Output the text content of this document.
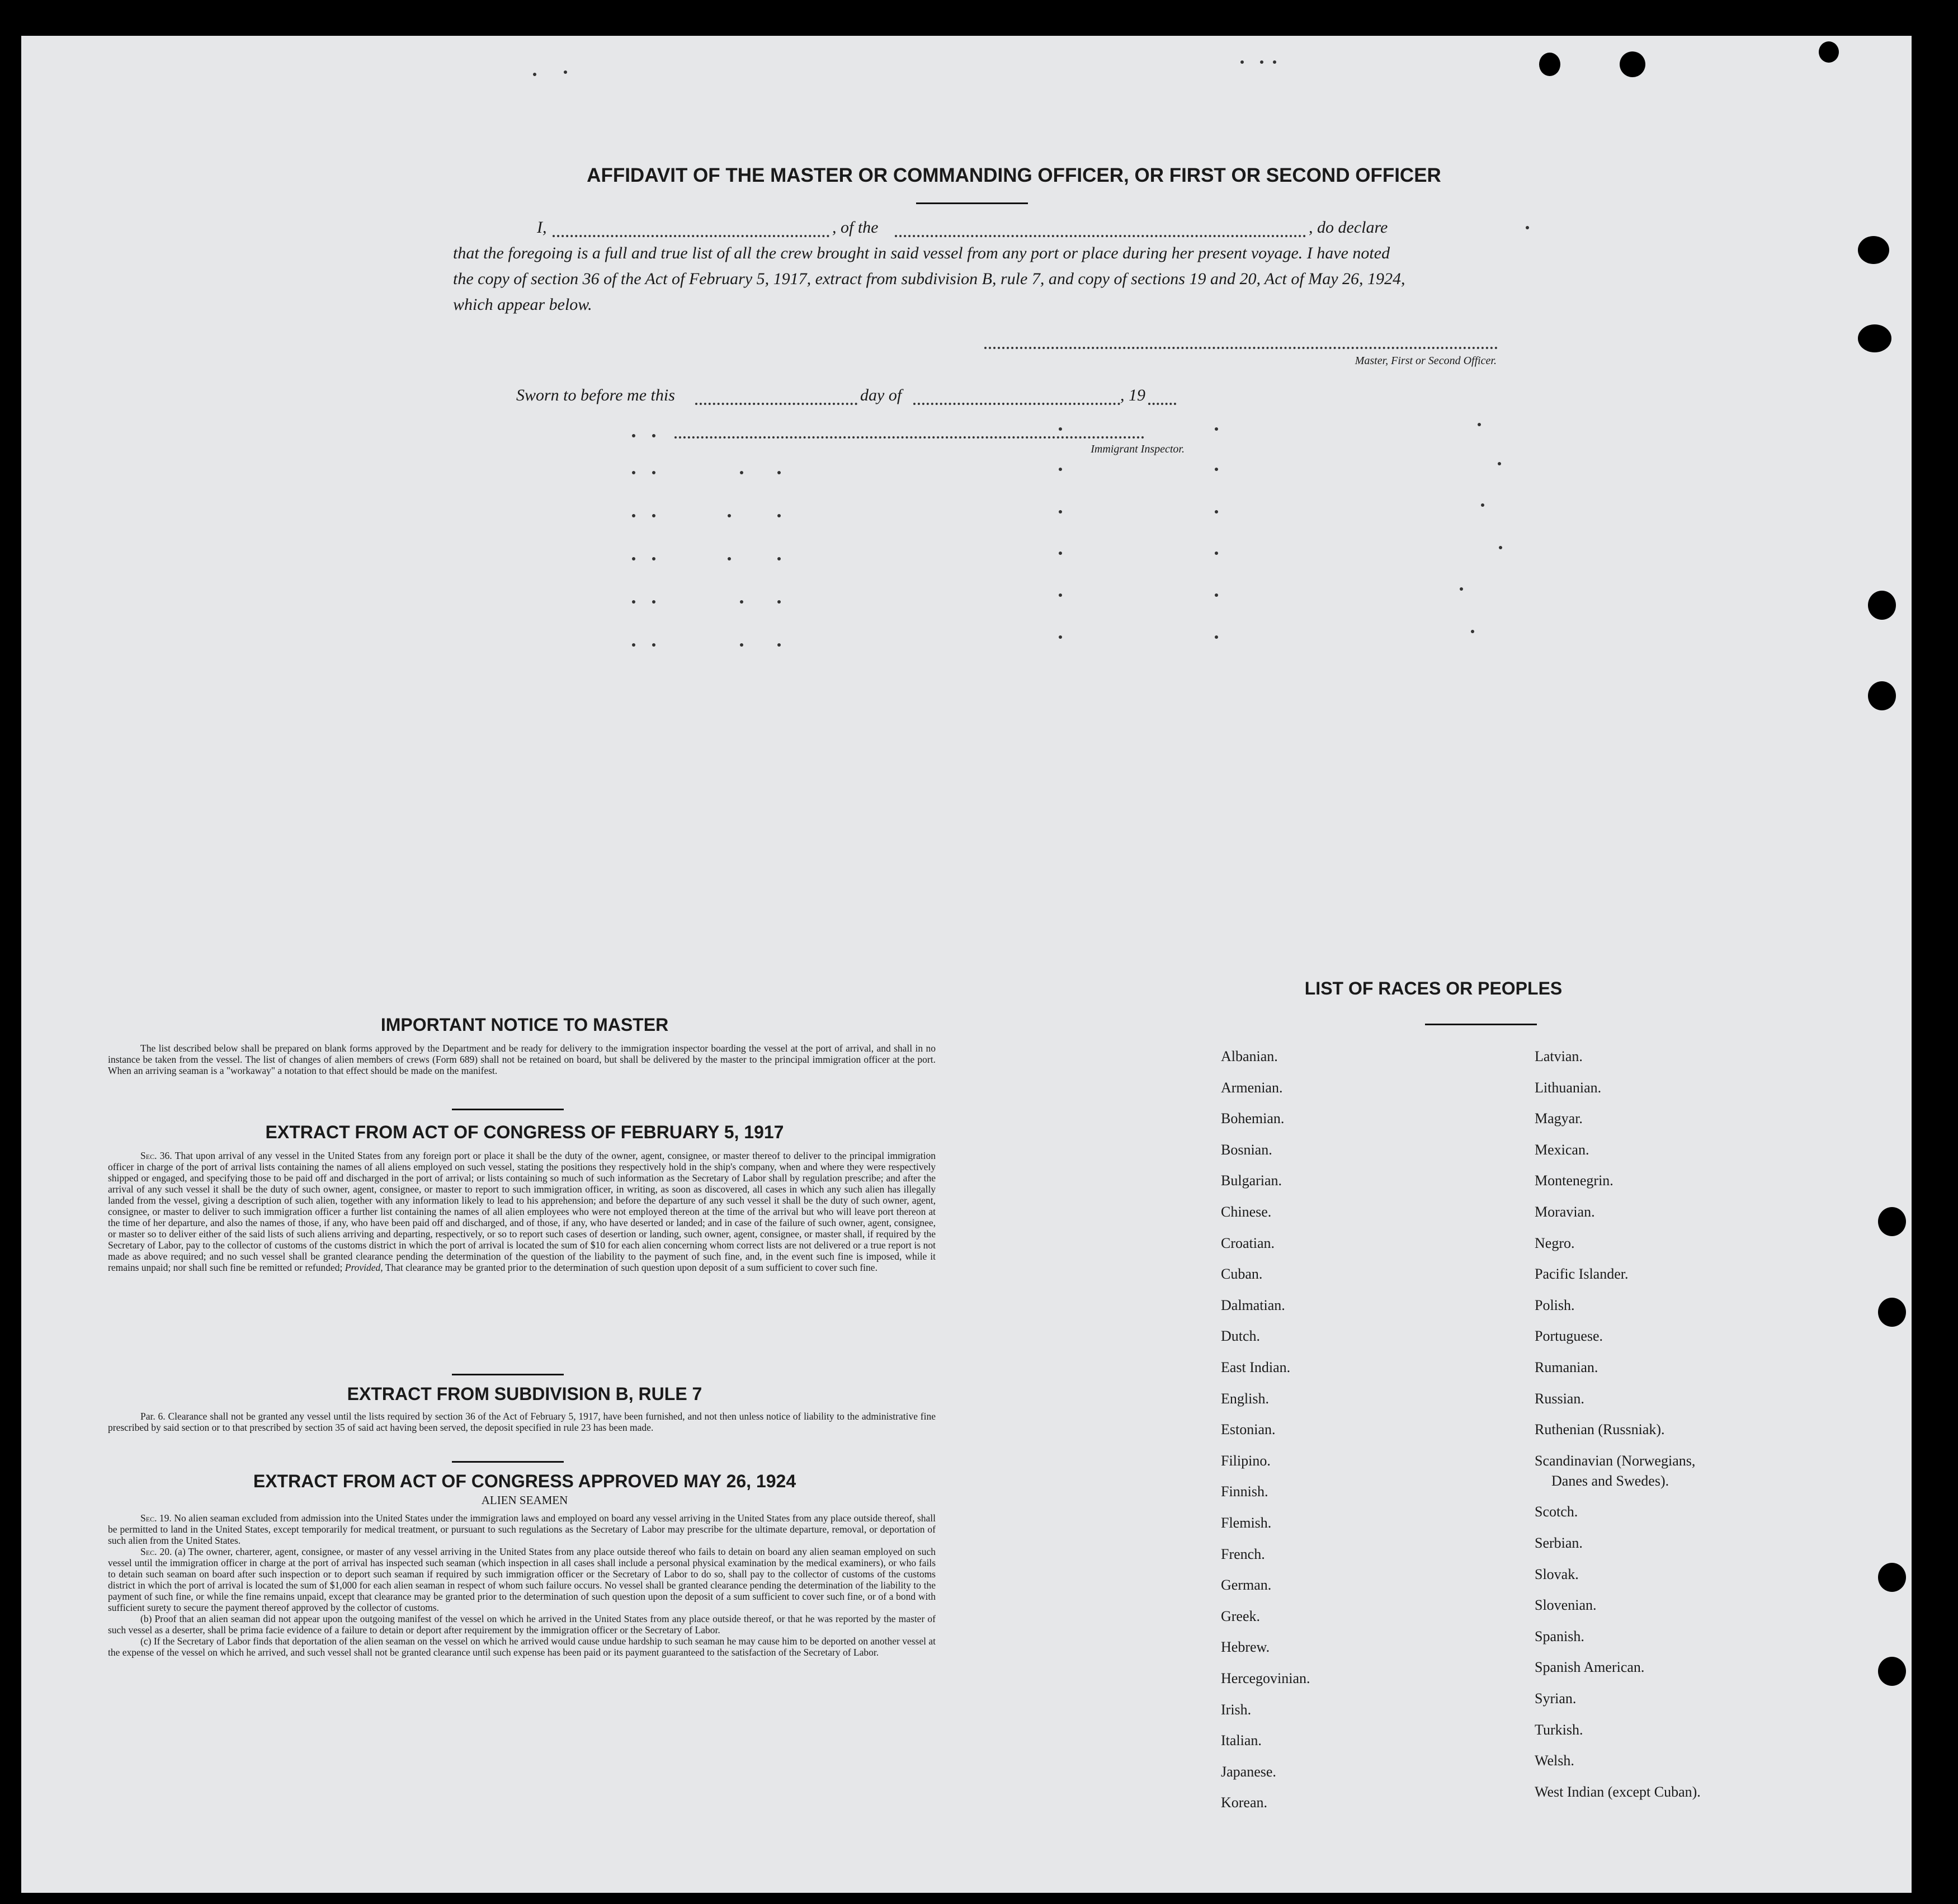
AFFIDAVIT OF THE MASTER OR COMMANDING OFFICER, OR FIRST OR SECOND OFFICER
I,	, of the	, do declare
that the foregoing is a full and true list of all the crew brought in said vessel from any port or place during her present voyage. I have noted
the copy of section 36 of the Act of February 5, 1917, extract from subdivision B, rule 7, and copy of sections 19 and 20, Act of May 26, 1924,
which appear below.
Master, First or Second Officer.
Sworn to before me this	day of	, 19
Immigrant Inspector.
IMPORTANT NOTICE TO MASTER

The list described below shall be prepared on blank forms approved by the Department and be ready for delivery to the immigration inspector boarding the vessel at the port of arrival, and shall in no instance be taken from the vessel. The list of changes of alien members of crews (Form 689) shall not be retained on board, but shall be delivered by the master to the principal immigration officer at the port. When an arriving seaman is a "workaway" a notation to that effect should be made on the manifest.

EXTRACT FROM ACT OF CONGRESS OF FEBRUARY 5, 1917

Sec. 36. That upon arrival of any vessel in the United States from any foreign port or place it shall be the duty of the owner, agent, consignee, or master thereof to deliver to the principal immigration officer in charge of the port of arrival lists containing the names of all aliens employed on such vessel, stating the positions they respectively hold in the ship's company, when and where they were respectively shipped or engaged, and specifying those to be paid off and discharged in the port of arrival; or lists containing so much of such information as the Secretary of Labor shall by regulation prescribe; and after the arrival of any such vessel it shall be the duty of such owner, agent, consignee, or master to report to such immigration officer, in writing, as soon as discovered, all cases in which any such alien has illegally landed from the vessel, giving a description of such alien, together with any information likely to lead to his apprehension; and before the departure of any such vessel it shall be the duty of such owner, agent, consignee, or master to deliver to such immigration officer a further list containing the names of all alien employees who were not employed thereon at the time of the arrival but who will leave port thereon at the time of her departure, and also the names of those, if any, who have been paid off and discharged, and of those, if any, who have deserted or landed; and in case of the failure of such owner, agent, consignee, or master so to deliver either of the said lists of such aliens arriving and departing, respectively, or so to report such cases of desertion or landing, such owner, agent, consignee, or master shall, if required by the Secretary of Labor, pay to the collector of customs of the customs district in which the port of arrival is located the sum of $10 for each alien concerning whom correct lists are not delivered or a true report is not made as above required; and no such vessel shall be granted clearance pending the determination of the question of the liability to the payment of such fine, and, in the event such fine is imposed, while it remains unpaid; nor shall such fine be remitted or refunded; Provided, That clearance may be granted prior to the determination of such question upon deposit of a sum sufficient to cover such fine.

EXTRACT FROM SUBDIVISION B, RULE 7

Par. 6. Clearance shall not be granted any vessel until the lists required by section 36 of the Act of February 5, 1917, have been furnished, and not then unless notice of liability to the administrative fine prescribed by said section or to that prescribed by section 35 of said act having been served, the deposit specified in rule 23 has been made.

EXTRACT FROM ACT OF CONGRESS APPROVED MAY 26, 1924
ALIEN SEAMEN

Sec. 19. No alien seaman excluded from admission into the United States under the immigration laws and employed on board any vessel arriving in the United States from any place outside thereof, shall be permitted to land in the United States, except temporarily for medical treatment, or pursuant to such regulations as the Secretary of Labor may prescribe for the ultimate departure, removal, or deportation of such alien from the United States.

Sec. 20. (a) The owner, charterer, agent, consignee, or master of any vessel arriving in the United States from any place outside thereof who fails to detain on board any alien seaman employed on such vessel until the immigration officer in charge at the port of arrival has inspected such seaman (which inspection in all cases shall include a personal physical examination by the medical examiners), or who fails to detain such seaman on board after such inspection or to deport such seaman if required by such immigration officer or the Secretary of Labor to do so, shall pay to the collector of customs of the customs district in which the port of arrival is located the sum of $1,000 for each alien seaman in respect of whom such failure occurs. No vessel shall be granted clearance pending the determination of the liability to the payment of such fine, or while the fine remains unpaid, except that clearance may be granted prior to the determination of such question upon the deposit of a sum sufficient to cover such fine, or of a bond with sufficient surety to secure the payment thereof approved by the collector of customs.

(b) Proof that an alien seaman did not appear upon the outgoing manifest of the vessel on which he arrived in the United States from any place outside thereof, or that he was reported by the master of such vessel as a deserter, shall be prima facie evidence of a failure to detain or deport after requirement by the immigration officer or the Secretary of Labor.

(c) If the Secretary of Labor finds that deportation of the alien seaman on the vessel on which he arrived would cause undue hardship to such seaman he may cause him to be deported on another vessel at the expense of the vessel on which he arrived, and such vessel shall not be granted clearance until such expense has been paid or its payment guaranteed to the satisfaction of the Secretary of Labor.

LIST OF RACES OR PEOPLES
Albanian.
Armenian.
Bohemian.
Bosnian.
Bulgarian.
Chinese.
Croatian.
Cuban.
Dalmatian.
Dutch.
East Indian.
English.
Estonian.
Filipino.
Finnish.
Flemish.
French.
German.
Greek.
Hebrew.
Hercegovinian.
Irish.
Italian.
Japanese.
Korean.
Latvian.
Lithuanian.
Magyar.
Mexican.
Montenegrin.
Moravian.
Negro.
Pacific Islander.
Polish.
Portuguese.
Rumanian.
Russian.
Ruthenian (Russniak).
Scandinavian (Norwegians,
Danes and Swedes).
Scotch.
Serbian.
Slovak.
Slovenian.
Spanish.
Spanish American.
Syrian.
Turkish.
Welsh.
West Indian (except Cuban).
